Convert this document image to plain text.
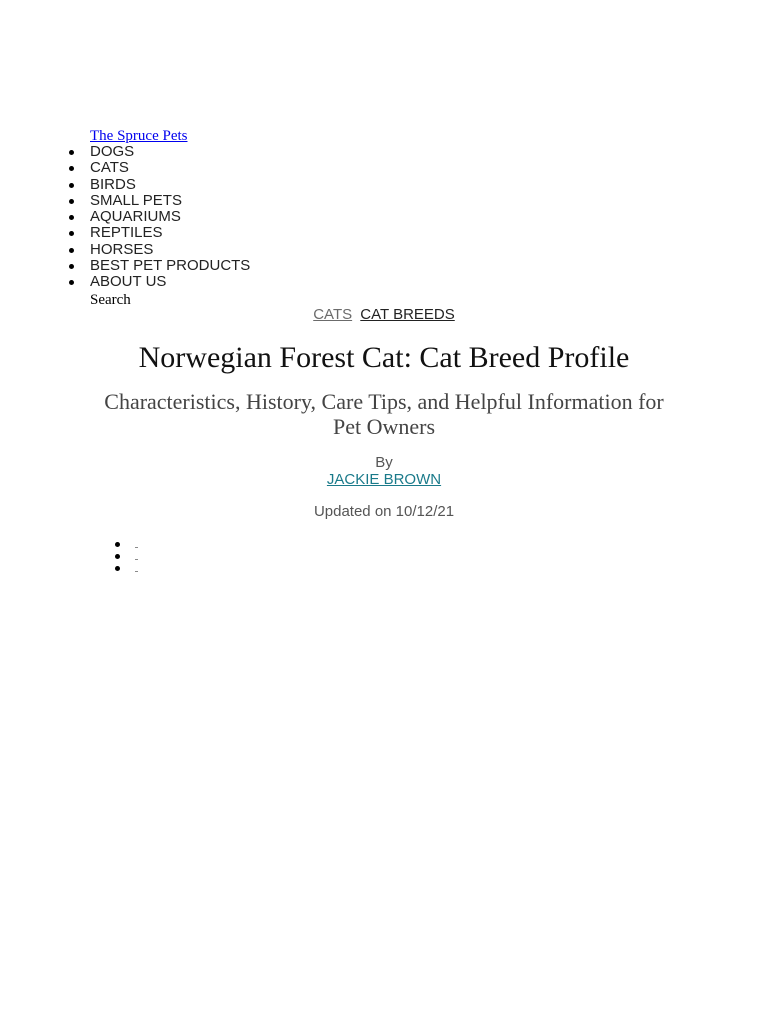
The Spruce Pets
DOGS
CATS
BIRDS
SMALL PETS
AQUARIUMS
REPTILES
HORSES
BEST PET PRODUCTS
ABOUT US
Search
CATS CAT BREEDS
Norwegian Forest Cat: Cat Breed Profile
Characteristics, History, Care Tips, and Helpful Information for Pet Owners
By
JACKIE BROWN
Updated on 10/12/21
